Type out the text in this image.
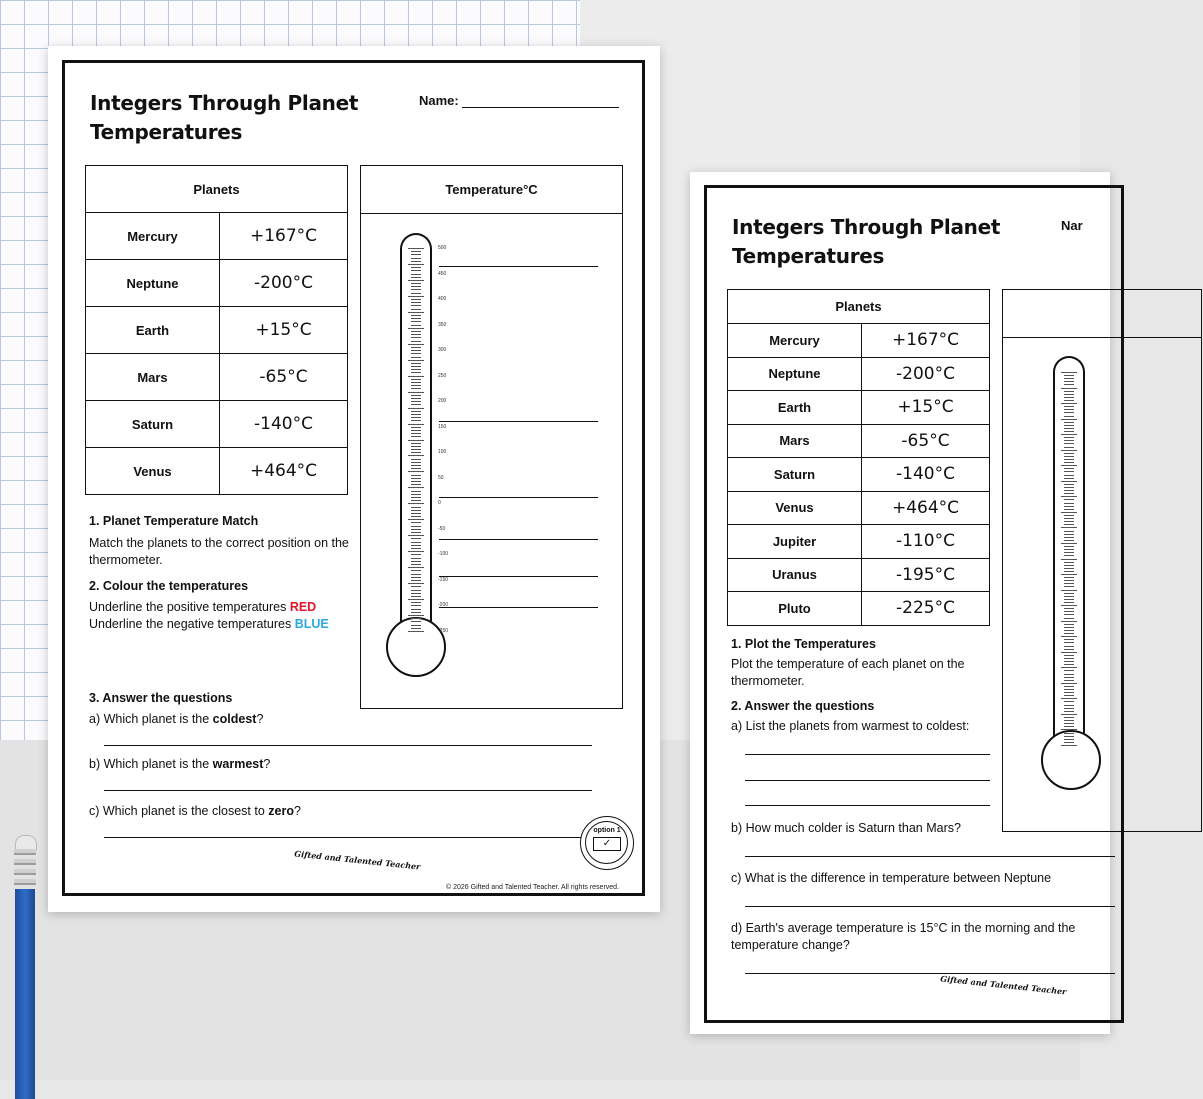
Integers Through Planet
Temperatures
Name:
Planets	
Mercury	+167°C
Neptune	-200°C
Earth	+15°C
Mars	-65°C
Saturn	-140°C
Venus	+464°C
Temperature°C
500
450
400
350
300
250
200
150
100
50
0
-50
-100
-150
-200
-250
1. Planet Temperature Match
Match the planets to the correct position on the thermometer.
2. Colour the temperatures
Underline the positive temperatures RED
Underline the negative temperatures BLUE
3. Answer the questions
a) Which planet is the coldest?
b) Which planet is the warmest?
c) Which planet is the closest to zero?
Gifted and Talented Teacher
option 1
✓
© 2026 Gifted and Talented Teacher. All rights reserved.
Integers Through Planet
Temperatures
Nar
Planets	
Mercury	+167°C
Neptune	-200°C
Earth	+15°C
Mars	-65°C
Saturn	-140°C
Venus	+464°C
Jupiter	-110°C
Uranus	-195°C
Pluto	-225°C
1. Plot the Temperatures
Plot the temperature of each planet on the thermometer.
2. Answer the questions
a) List the planets from warmest to coldest:
b) How much colder is Saturn than Mars?
c) What is the difference in temperature between Neptune
d) Earth's average temperature is 15°C in the morning and the temperature change?
Gifted and Talented Teacher
